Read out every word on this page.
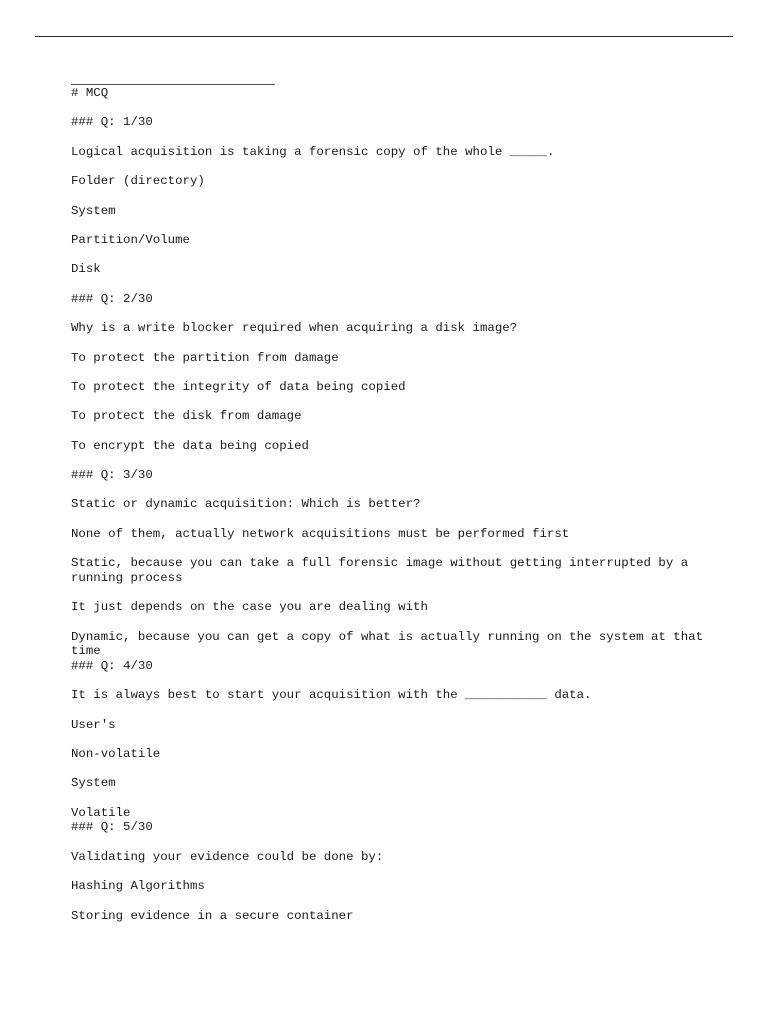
# MCQ
### Q: 1/30
Logical acquisition is taking a forensic copy of the whole _____.
Folder (directory)
System
Partition/Volume
Disk
### Q: 2/30
Why is a write blocker required when acquiring a disk image?
To protect the partition from damage
To protect the integrity of data being copied
To protect the disk from damage
To encrypt the data being copied
### Q: 3/30
Static or dynamic acquisition: Which is better?
None of them, actually network acquisitions must be performed first
Static, because you can take a full forensic image without getting interrupted by a running process
It just depends on the case you are dealing with
Dynamic, because you can get a copy of what is actually running on the system at that time
### Q: 4/30
It is always best to start your acquisition with the ___________ data.
User's
Non-volatile
System
Volatile
### Q: 5/30
Validating your evidence could be done by:
Hashing Algorithms
Storing evidence in a secure container
